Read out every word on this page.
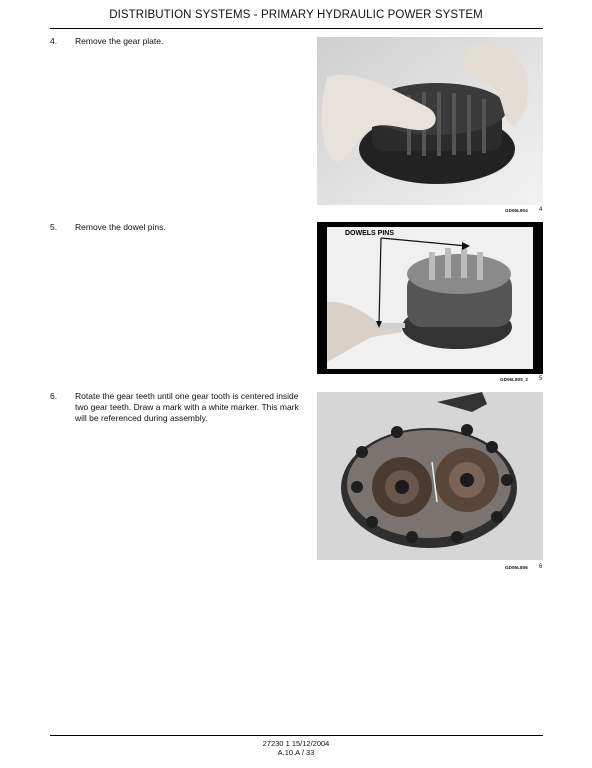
DISTRIBUTION SYSTEMS - PRIMARY HYDRAULIC POWER SYSTEM
4. Remove the gear plate.
GD06L804 4
5. Remove the dowel pins.
DOWELS PINS
GD06L805_2 5
6. Rotate the gear teeth until one gear tooth is centered inside two gear teeth. Draw a mark with a white marker. This mark will be referenced during assembly.
GD06L806 6
27230 1 15/12/2004
A.10.A / 33
